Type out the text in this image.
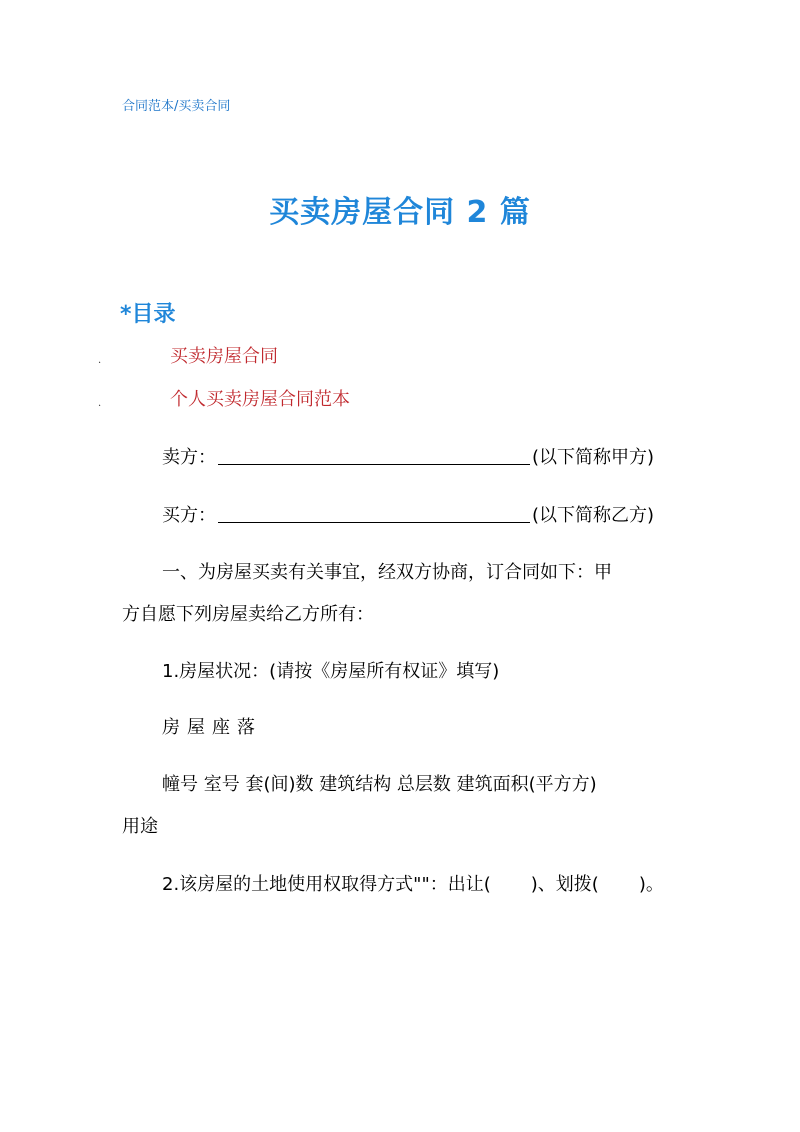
合同范本/买卖合同
买卖房屋合同 2 篇
*目录
.	买卖房屋合同
.	个人买卖房屋合同范本
卖方：	(以下简称甲方)
买方：	(以下简称乙方)
一、为房屋买卖有关事宜，经双方协商，订合同如下：甲
方自愿下列房屋卖给乙方所有：
1.房屋状况：(请按《房屋所有权证》填写)
房屋座落
幢号 室号 套(间)数 建筑结构 总层数 建筑面积(平方方)
用途
2.该房屋的土地使用权取得方式""：出让( )、划拨( )。
